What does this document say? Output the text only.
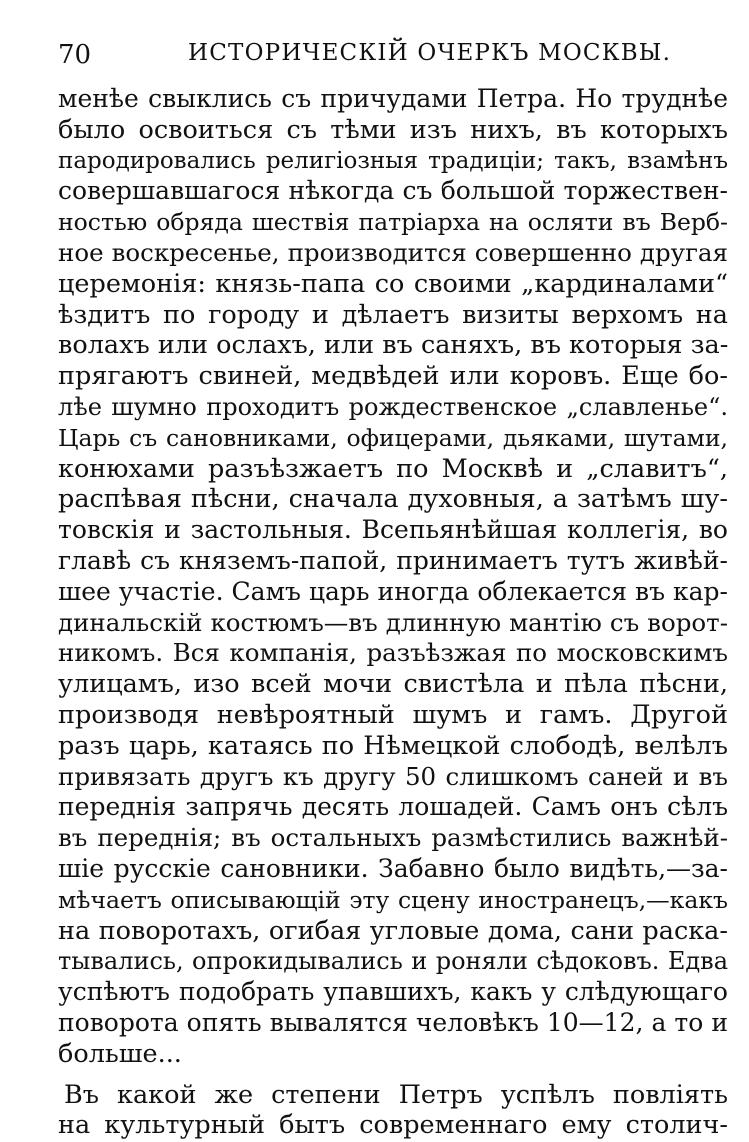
70	ИСТОРИЧЕСКІЙ ОЧЕРКЪ МОСКВЫ.
менѣе свыклись съ причудами Петра. Но труднѣе
было освоиться съ тѣми изъ нихъ, въ которыхъ
пародировались религіозныя традиціи; такъ, взамѣнъ
совершавшагося нѣкогда съ большой торжествен-
ностью обряда шествія патріарха на осляти въ Верб-
ное воскресенье, производится совершенно другая
церемонія: князь-папа со своими „кардиналами“
ѣздитъ по городу и дѣлаетъ визиты верхомъ на
волахъ или ослахъ, или въ саняхъ, въ которыя за-
прягаютъ свиней, медвѣдей или коровъ. Еще бо-
лѣе шумно проходитъ рождественское „славленье“.
Царь съ сановниками, офицерами, дьяками, шутами,
конюхами разъѣзжаетъ по Москвѣ и „славитъ“,
распѣвая пѣсни, сначала духовныя, а затѣмъ шу-
товскія и застольныя. Всепьянѣйшая коллегія, во
главѣ съ княземъ-папой, принимаетъ тутъ живѣй-
шее участіе. Самъ царь иногда облекается въ кар-
динальскій костюмъ—въ длинную мантію съ ворот-
никомъ. Вся компанія, разъѣзжая по московскимъ
улицамъ, изо всей мочи свистѣла и пѣла пѣсни,
производя невѣроятный шумъ и гамъ. Другой
разъ царь, катаясь по Нѣмецкой слободѣ, велѣлъ
привязать другъ къ другу 50 слишкомъ саней и въ
переднія запрячь десять лошадей. Самъ онъ сѣлъ
въ переднія; въ остальныхъ размѣстились важнѣй-
шіе русскіе сановники. Забавно было видѣть,—за-
мѣчаетъ описывающій эту сцену иностранецъ,—какъ
на поворотахъ, огибая угловые дома, сани раска-
тывались, опрокидывались и роняли сѣдоковъ. Едва
успѣютъ подобрать упавшихъ, какъ у слѣдующаго
поворота опять вывалятся человѣкъ 10—12, а то и
больше...
Въ какой же степени Петръ успѣлъ повліять
на культурный бытъ современнаго ему столич-
